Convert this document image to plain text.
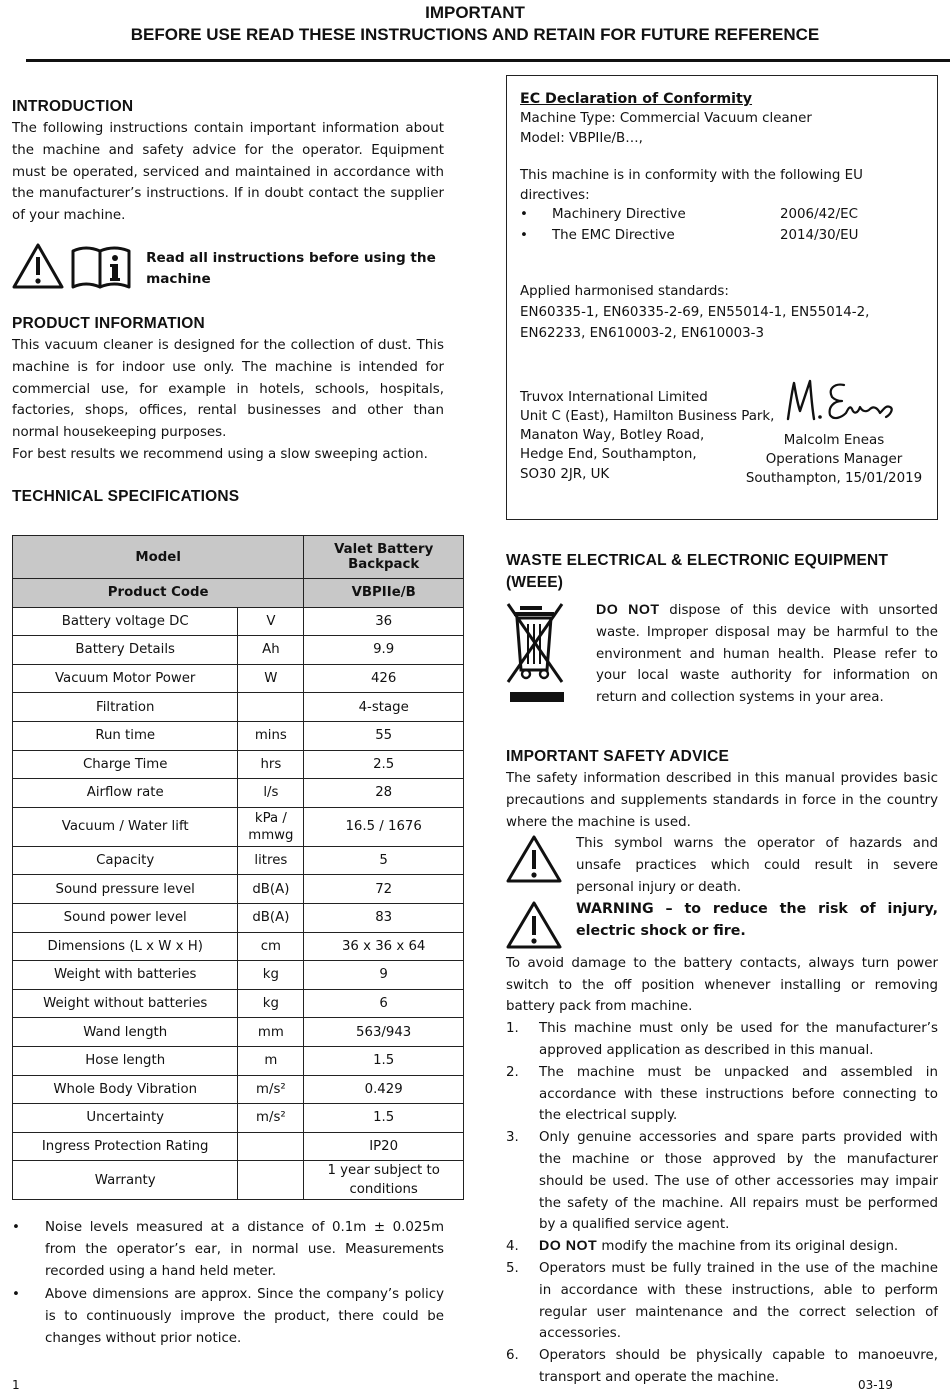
IMPORTANT
BEFORE USE READ THESE INSTRUCTIONS AND RETAIN FOR FUTURE REFERENCE
INTRODUCTION

The following instructions contain important information about the machine and safety advice for the operator. Equipment must be operated, serviced and maintained in accordance with the manufacturer’s instructions. If in doubt contact the supplier of your machine.

Read all instructions before using the machine
PRODUCT INFORMATION

This vacuum cleaner is designed for the collection of dust. This machine is for indoor use only. The machine is intended for commercial use, for example in hotels, schools, hospitals, factories, shops, offices, rental businesses and other than normal housekeeping purposes.

For best results we recommend using a slow sweeping action.

TECHNICAL SPECIFICATIONS
Model		Valet Battery Backpack
Product Code		VBPIIe/B
Battery voltage DC	V	36
Battery Details	Ah	9.9
Vacuum Motor Power	W	426
Filtration		4-stage
Run time	mins	55
Charge Time	hrs	2.5
Airflow rate	l/s	28
Vacuum / Water lift	kPa / mmwg	16.5 / 1676
Capacity	litres	5
Sound pressure level	dB(A)	72
Sound power level	dB(A)	83
Dimensions (L x W x H)	cm	36 x 36 x 64
Weight with batteries	kg	9
Weight without batteries	kg	6
Wand length	mm	563/943
Hose length	m	1.5
Whole Body Vibration	m/s²	0.429
Uncertainty	m/s²	1.5
Ingress Protection Rating		IP20
Warranty		1 year subject to conditions
• Noise levels measured at a distance of 0.1m ± 0.025m from the operator’s ear, in normal use. Measurements recorded using a hand held meter.
• Above dimensions are approx. Since the company’s policy is to continuously improve the product, there could be changes without prior notice.
EC Declaration of Conformity
Machine Type: Commercial Vacuum cleaner
Model: VBPIIe/B…,
This machine is in conformity with the following EU directives:
•	Machinery Directive	2006/42/EC
•	The EMC Directive	2014/30/EU
Applied harmonised standards:
EN60335-1, EN60335-2-69, EN55014-1, EN55014-2,
EN62233, EN610003-2, EN610003-3
Truvox International Limited
Unit C (East), Hamilton Business Park,
Manaton Way, Botley Road,
Hedge End, Southampton,
SO30 2JR, UK
Malcolm Eneas
Operations Manager
Southampton, 15/01/2019
WASTE ELECTRICAL & ELECTRONIC EQUIPMENT (WEEE)
DO NOT dispose of this device with unsorted waste. Improper disposal may be harmful to the environment and human health. Please refer to your local waste authority for information on return and collection systems in your area.
IMPORTANT SAFETY ADVICE

The safety information described in this manual provides basic precautions and supplements standards in force in the country where the machine is used.

This symbol warns the operator of hazards and unsafe practices which could result in severe personal injury or death.
WARNING – to reduce the risk of injury, electric shock or fire.

To avoid damage to the battery contacts, always turn power switch to the off position whenever installing or removing battery pack from machine.

1. This machine must only be used for the manufacturer’s approved application as described in this manual.
2. The machine must be unpacked and assembled in accordance with these instructions before connecting to the electrical supply.
3. Only genuine accessories and spare parts provided with the machine or those approved by the manufacturer should be used. The use of other accessories may impair the safety of the machine. All repairs must be performed by a qualified service agent.
4. DO NOT modify the machine from its original design.
5. Operators must be fully trained in the use of the machine in accordance with these instructions, able to perform regular user maintenance and the correct selection of accessories.
6. Operators should be physically capable to manoeuvre, transport and operate the machine.
1	03-19
